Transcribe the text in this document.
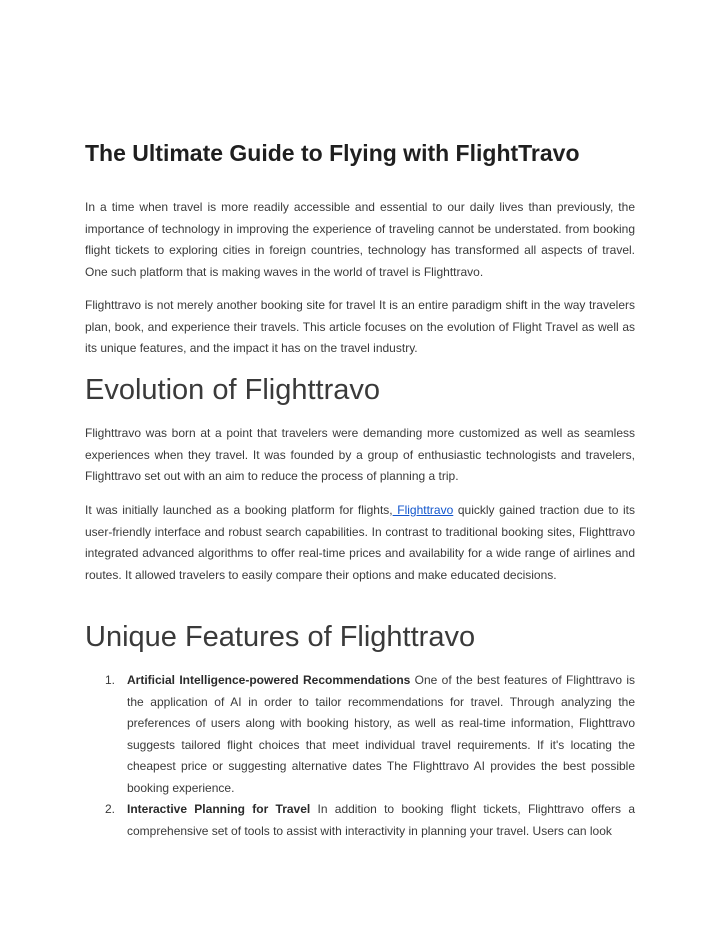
The Ultimate Guide to Flying with FlightTravo

In a time when travel is more readily accessible and essential to our daily lives than previously, the importance of technology in improving the experience of traveling cannot be understated. from booking flight tickets to exploring cities in foreign countries, technology has transformed all aspects of travel. One such platform that is making waves in the world of travel is Flighttravo.

Flighttravo is not merely another booking site for travel It is an entire paradigm shift in the way travelers plan, book, and experience their travels. This article focuses on the evolution of Flight Travel as well as its unique features, and the impact it has on the travel industry.

Evolution of Flighttravo

Flighttravo was born at a point that travelers were demanding more customized as well as seamless experiences when they travel. It was founded by a group of enthusiastic technologists and travelers, Flighttravo set out with an aim to reduce the process of planning a trip.

It was initially launched as a booking platform for flights, Flighttravo quickly gained traction due to its user-friendly interface and robust search capabilities. In contrast to traditional booking sites, Flighttravo integrated advanced algorithms to offer real-time prices and availability for a wide range of airlines and routes. It allowed travelers to easily compare their options and make educated decisions.

Unique Features of Flighttravo
1. Artificial Intelligence-powered Recommendations One of the best features of Flighttravo is the application of AI in order to tailor recommendations for travel. Through analyzing the preferences of users along with booking history, as well as real-time information, Flighttravo suggests tailored flight choices that meet individual travel requirements. If it's locating the cheapest price or suggesting alternative dates The Flighttravo AI provides the best possible booking experience.
2. Interactive Planning for Travel In addition to booking flight tickets, Flighttravo offers a comprehensive set of tools to assist with interactivity in planning your travel. Users can look
